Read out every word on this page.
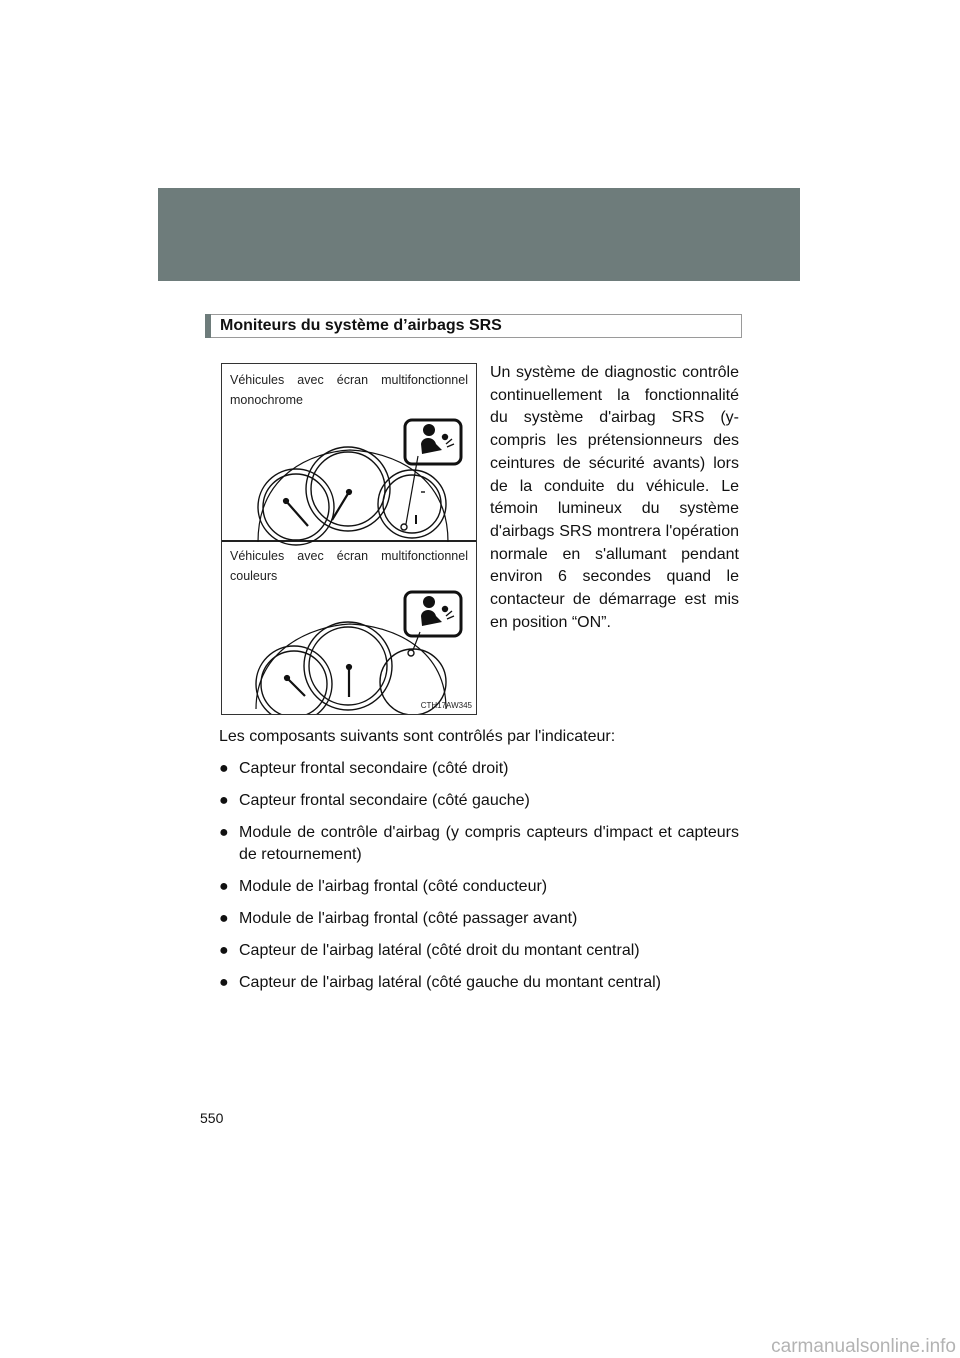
Moniteurs du système d’airbags SRS
Véhicules avec écran multifonctionnel monochrome
Véhicules avec écran multifonctionnel couleurs
CTH17AW345
Un système de diagnostic contrôle continuellement la fonctionnalité du système d'airbag SRS (y-compris les prétensionneurs des ceintures de sécurité avants) lors de la conduite du véhicule. Le témoin lumineux du système d'airbags SRS montrera l'opération normale en s'allumant pendant environ 6 secondes quand le contacteur de démarrage est mis en position “ON”.
Les composants suivants sont contrôlés par l'indicateur:
● Capteur frontal secondaire (côté droit)
● Capteur frontal secondaire (côté gauche)
● Module de contrôle d'airbag (y compris capteurs d'impact et capteurs de retournement)
● Module de l'airbag frontal (côté conducteur)
● Module de l'airbag frontal (côté passager avant)
● Capteur de l'airbag latéral (côté droit du montant central)
● Capteur de l'airbag latéral (côté gauche du montant central)
550
carmanualsonline.info
